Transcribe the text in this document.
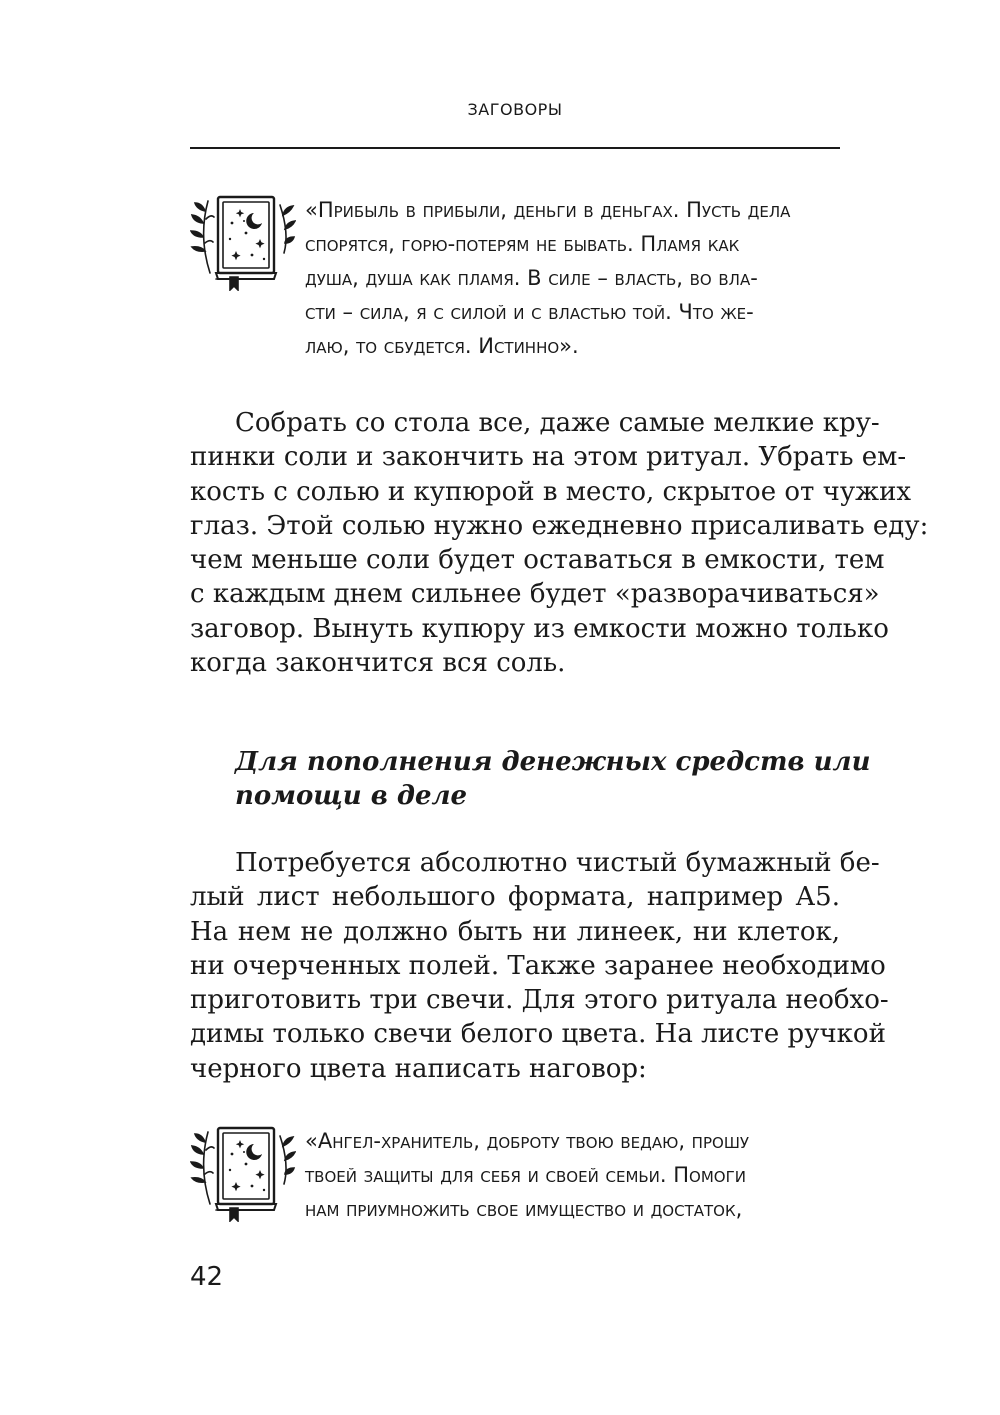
ЗАГОВОРЫ
«Прибыль в прибыли, деньги в деньгах. Пусть дела
спорятся, горю-потерям не бывать. Пламя как
душа, душа как пламя. В силе – власть, во вла-
сти – сила, я с силой и с властью той. Что же-
лаю, то сбудется. Истинно».
Собрать со стола все, даже самые мелкие кру-
пинки соли и закончить на этом ритуал. Убрать ем-
кость с солью и купюрой в место, скрытое от чужих
глаз. Этой солью нужно ежедневно присаливать еду:
чем меньше соли будет оставаться в емкости, тем
с каждым днем сильнее будет «разворачиваться»
заговор. Вынуть купюру из емкости можно только
когда закончится вся соль.
Для пополнения денежных средств или
помощи в деле
Потребуется абсолютно чистый бумажный бе-
лый лист небольшого формата, например А5.
На нем не должно быть ни линеек, ни клеток,
ни очерченных полей. Также заранее необходимо
приготовить три свечи. Для этого ритуала необхо-
димы только свечи белого цвета. На листе ручкой
черного цвета написать наговор:
«Ангел-хранитель, доброту твою ведаю, прошу
твоей защиты для себя и своей семьи. Помоги
нам приумножить свое имущество и достаток,
42
